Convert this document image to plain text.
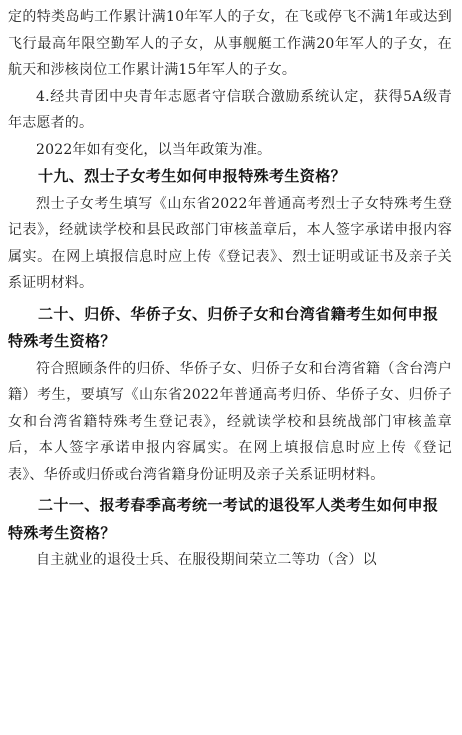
定的特类岛屿工作累计满10年军人的子女，在飞或停飞不满1年或达到飞行最高年限空勤军人的子女，从事舰艇工作满20年军人的子女，在航天和涉核岗位工作累计满15年军人的子女。

4.经共青团中央青年志愿者守信联合激励系统认定，获得5A级青年志愿者的。

2022年如有变化，以当年政策为准。

十九、烈士子女考生如何申报特殊考生资格？

烈士子女考生填写《山东省2022年普通高考烈士子女特殊考生登记表》，经就读学校和县民政部门审核盖章后，本人签字承诺申报内容属实。在网上填报信息时应上传《登记表》、烈士证明或证书及亲子关系证明材料。

二十、归侨、华侨子女、归侨子女和台湾省籍考生如何申报特殊考生资格？

符合照顾条件的归侨、华侨子女、归侨子女和台湾省籍（含台湾户籍）考生，要填写《山东省2022年普通高考归侨、华侨子女、归侨子女和台湾省籍特殊考生登记表》，经就读学校和县统战部门审核盖章后，本人签字承诺申报内容属实。在网上填报信息时应上传《登记表》、华侨或归侨或台湾省籍身份证明及亲子关系证明材料。

二十一、报考春季高考统一考试的退役军人类考生如何申报特殊考生资格？

自主就业的退役士兵、在服役期间荣立二等功（含）以
